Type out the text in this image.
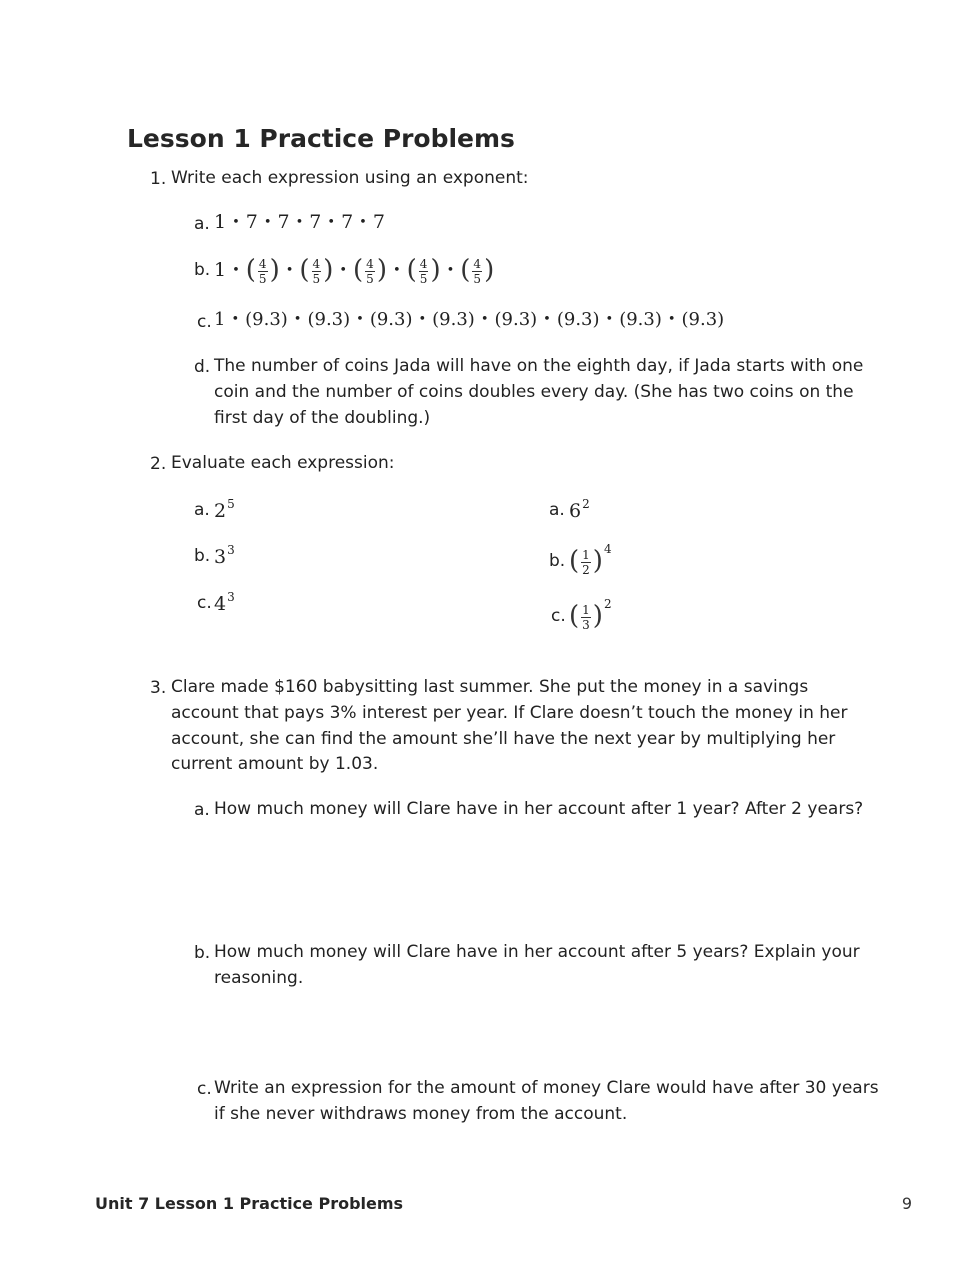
Lesson 1 Practice Problems
1. Write each expression using an exponent:
a. 1 • 7 • 7 • 7 • 7 • 7
b. 1 • ( $\frac{4}{5}$ ) • ( $\frac{4}{5}$ ) • ( $\frac{4}{5}$ ) • ( $\frac{4}{5}$ ) • ( $\frac{4}{5}$ )
c. 1 • (9.3) • (9.3) • (9.3) • (9.3) • (9.3) • (9.3) • (9.3) • (9.3)
d. The number of coins Jada will have on the eighth day, if Jada starts with one coin and the number of coins doubles every day. (She has two coins on the first day of the doubling.)
2. Evaluate each expression:
a. $2^5$
b. $3^3$
c. $4^3$
a. $6^2$
b. ( $\frac{1}{2} )^4$
c. ( $\frac{1}{3} )^2$
3. Clare made $160 babysitting last summer. She put the money in a savings account that pays 3% interest per year. If Clare doesn’t touch the money in her account, she can find the amount she’ll have the next year by multiplying her current amount by 1.03.
a. How much money will Clare have in her account after 1 year? After 2 years?
b. How much money will Clare have in her account after 5 years? Explain your reasoning.
c. Write an expression for the amount of money Clare would have after 30 years if she never withdraws money from the account.
Unit 7 Lesson 1 Practice Problems	9
